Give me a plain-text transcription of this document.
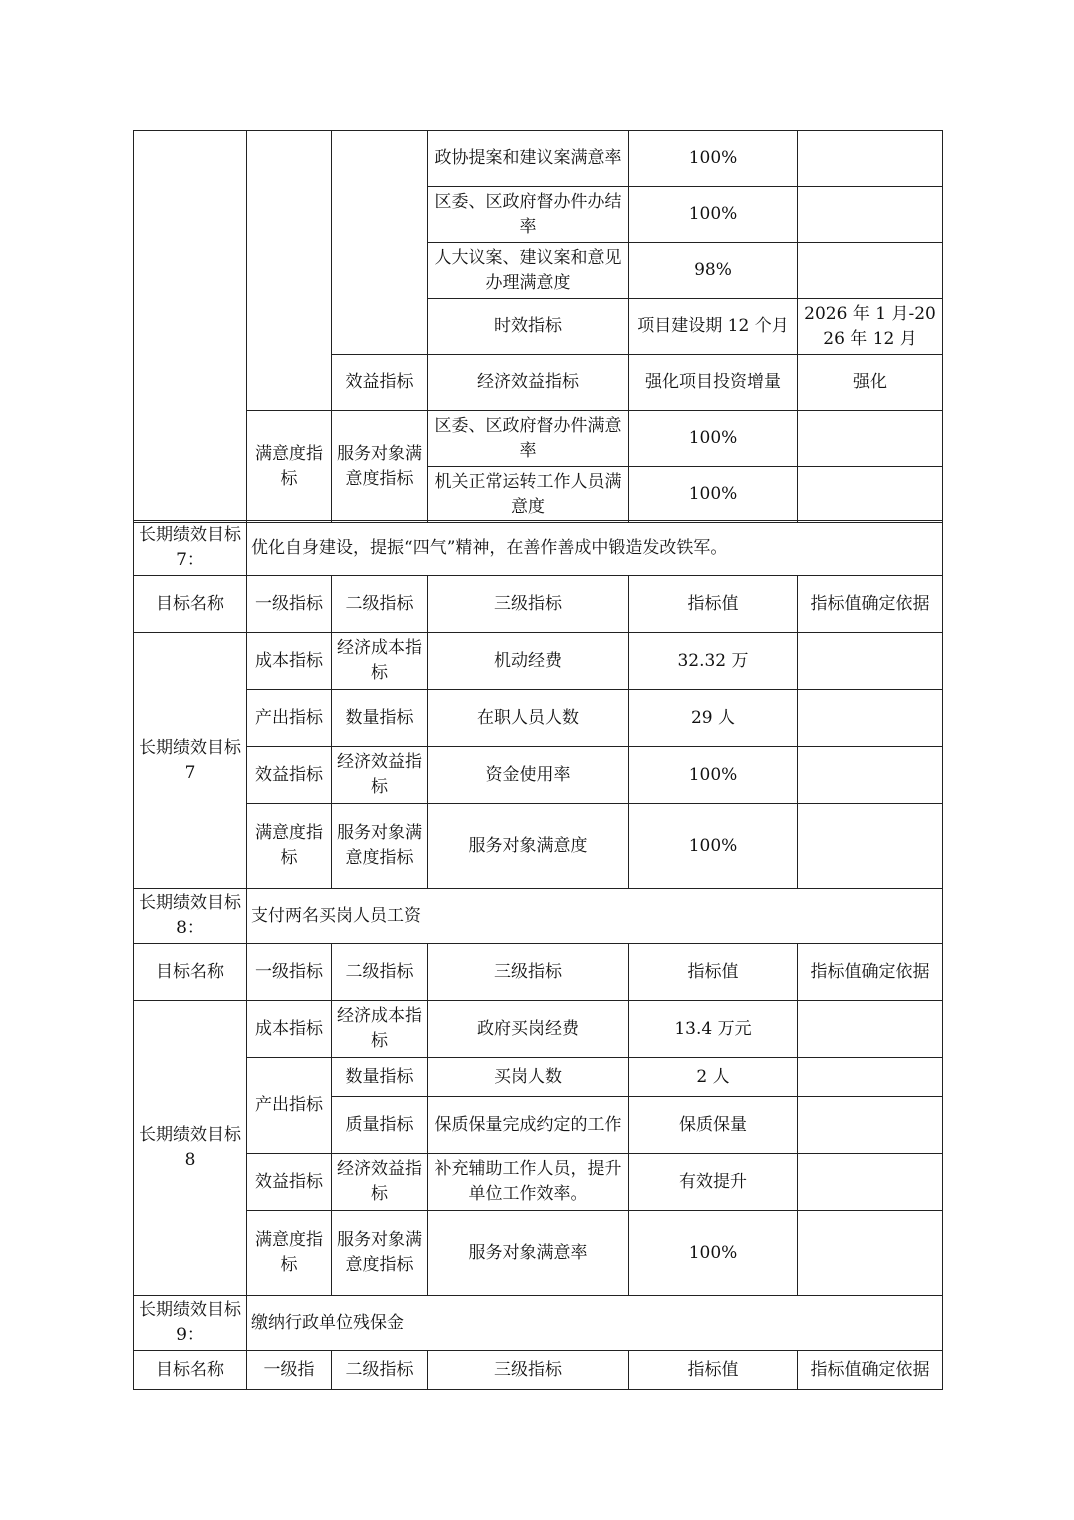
			政协提案和建议案满意率	100%		
			区委、区政府督办件办结率	100%		
			人大议案、建议案和意见办理满意度	98%		
			时效指标	项目建设期 12 个月	2026 年 1 月-2026 年 12 月	
		效益指标	经济效益指标	强化项目投资增量	强化	
	满意度指标	服务对象满意度指标	区委、区政府督办件满意率	100%		
			机关正常运转工作人员满意度	100%		
长期绩效目标 7：	优化自身建设，提振“四气”精神，在善作善成中锻造发改铁军。				
目标名称	一级指标	二级指标	三级指标	指标值	指标值确定依据
长期绩效目标 7	成本指标	经济成本指标	机动经费	32.32 万	
	产出指标	数量指标	在职人员人数	29 人	
	效益指标	经济效益指标	资金使用率	100%	
	满意度指标	服务对象满意度指标	服务对象满意度	100%	
长期绩效目标 8：	支付两名买岗人员工资				
目标名称	一级指标	二级指标	三级指标	指标值	指标值确定依据
长期绩效目标 8	成本指标	经济成本指标	政府买岗经费	13.4 万元	
	产出指标	数量指标	买岗人数	2 人	
		质量指标	保质保量完成约定的工作	保质保量	
	效益指标	经济效益指标	补充辅助工作人员，提升单位工作效率。	有效提升	
	满意度指标	服务对象满意度指标	服务对象满意率	100%	
长期绩效目标 9：	缴纳行政单位残保金				
目标名称	一级指	二级指标	三级指标	指标值	指标值确定依据
